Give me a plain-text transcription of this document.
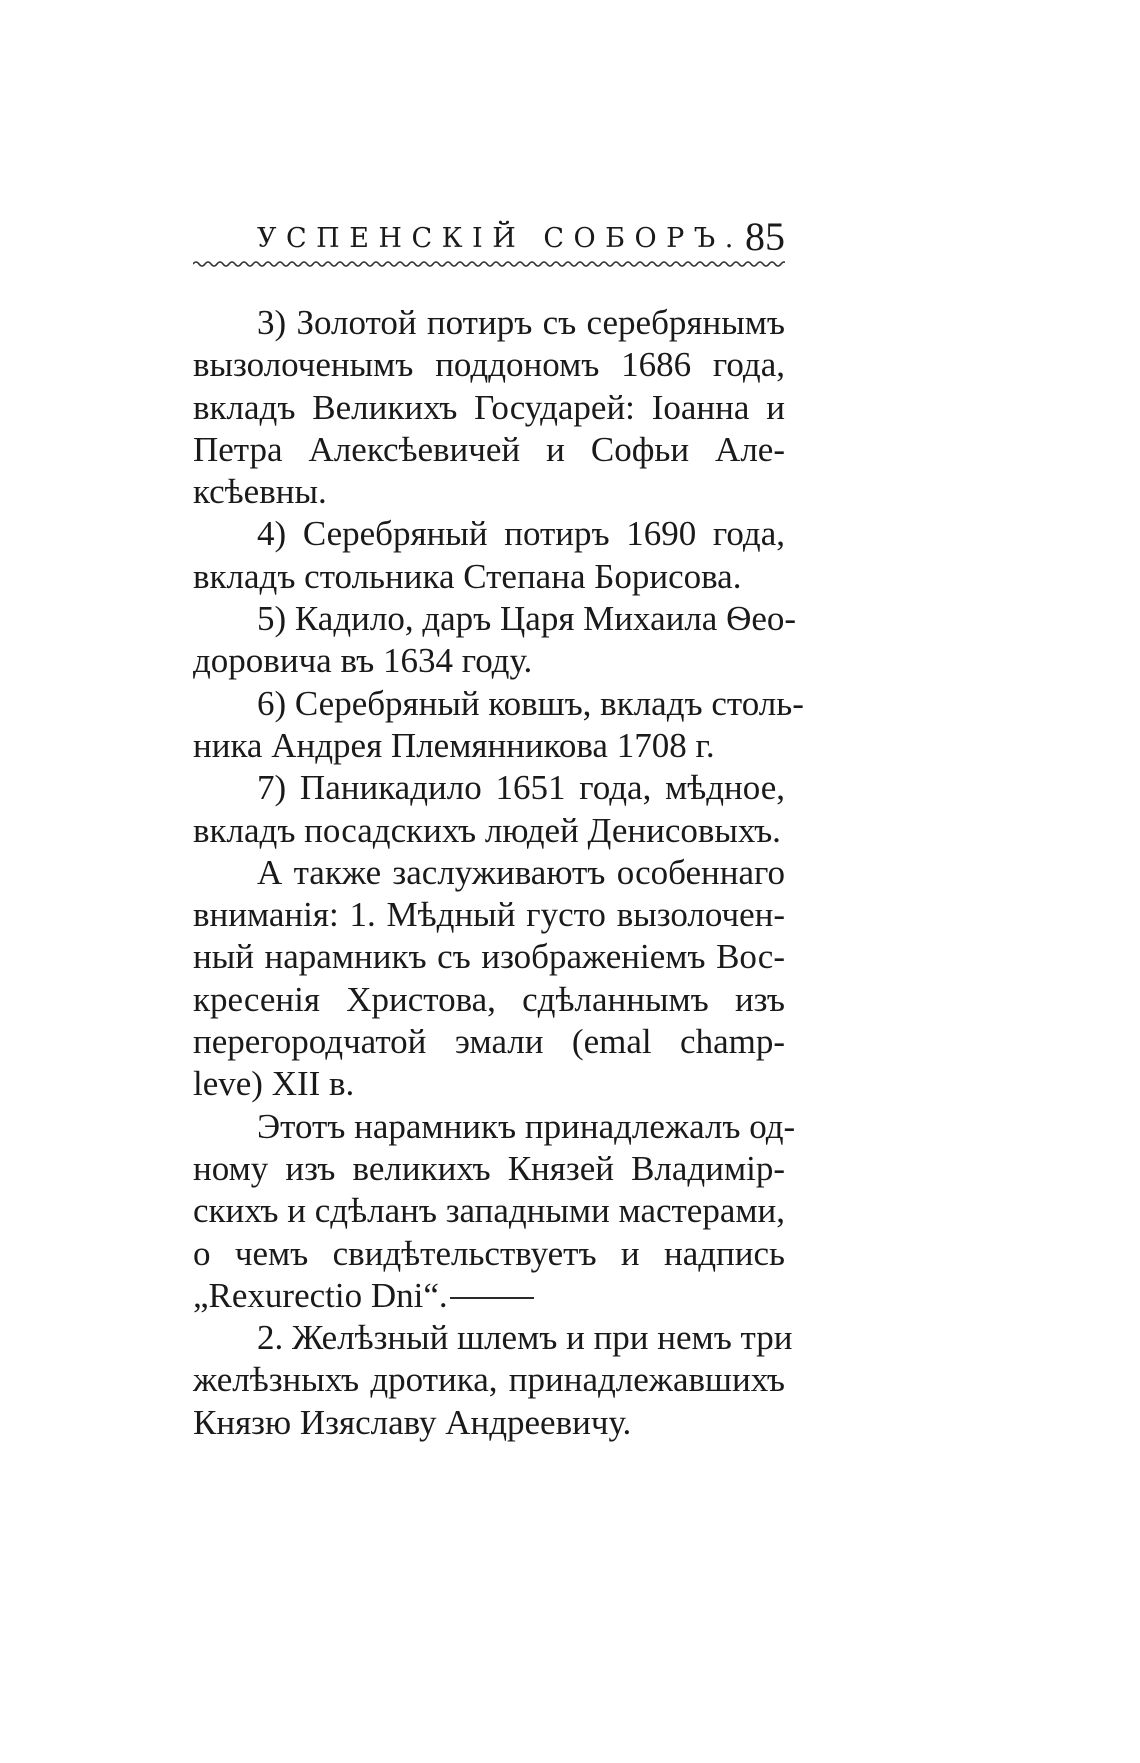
УСПЕНСКІЙ СОБОРЪ. 85
3) Золотой потиръ съ серебрянымъ
вызолоченымъ поддономъ 1686 года,
вкладъ Великихъ Государей: Іоанна и
Петра Алексѣевичей и Софьи Але-
ксѣевны.
4) Серебряный потиръ 1690 года,
вкладъ стольника Степана Борисова.
5) Кадило, даръ Царя Михаила Ѳео-
доровича въ 1634 году.
6) Серебряный ковшъ, вкладъ столь-
ника Андрея Племянникова 1708 г.
7) Паникадило 1651 года, мѣдное,
вкладъ посадскихъ людей Денисовыхъ.
А также заслуживаютъ особеннаго
вниманія: 1. Мѣдный густо вызолочен-
ный нарамникъ съ изображеніемъ Вос-
кресенія Христова, сдѣланнымъ изъ
перегородчатой эмали (emal champ-
leve) XII в.
Этотъ нарамникъ принадлежалъ од-
ному изъ великихъ Князей Владимір-
скихъ и сдѣланъ западными мастерами,
о чемъ свидѣтельствуетъ и надпись
„Rexurectio Dni“.
2. Желѣзный шлемъ и при немъ три
желѣзныхъ дротика, принадлежавшихъ
Князю Изяславу Андреевичу.
